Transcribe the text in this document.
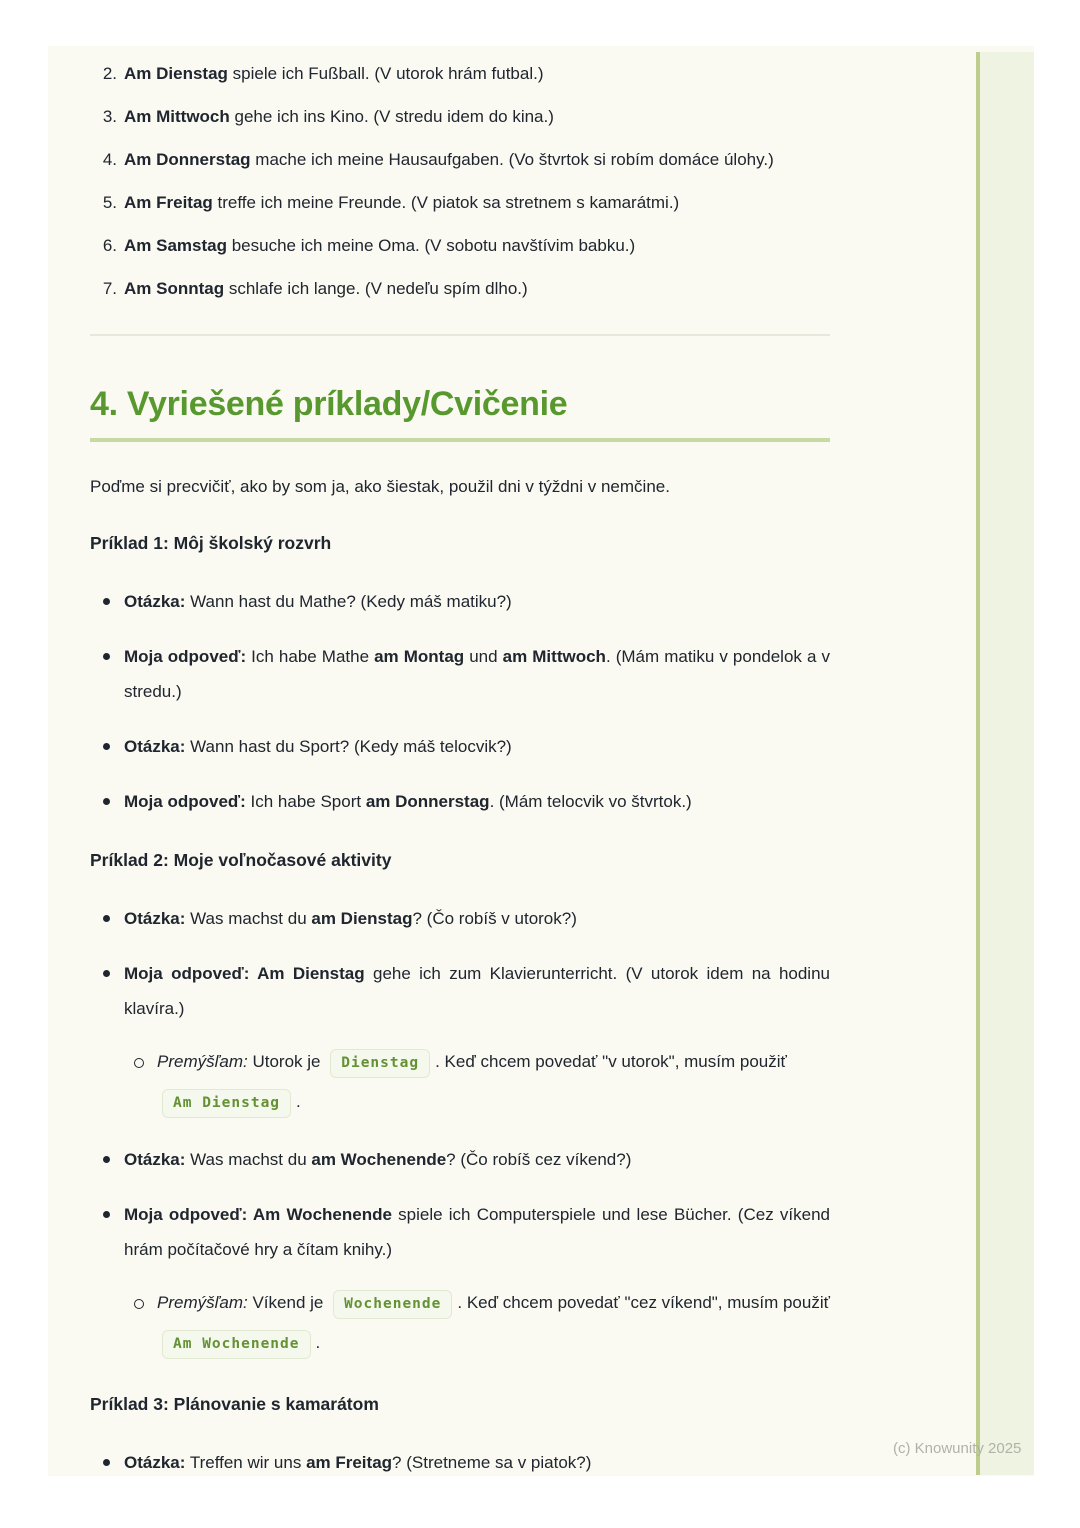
2. Am Dienstag spiele ich Fußball. (V utorok hrám futbal.)
3. Am Mittwoch gehe ich ins Kino. (V stredu idem do kina.)
4. Am Donnerstag mache ich meine Hausaufgaben. (Vo štvrtok si robím domáce úlohy.)
5. Am Freitag treffe ich meine Freunde. (V piatok sa stretnem s kamarátmi.)
6. Am Samstag besuche ich meine Oma. (V sobotu navštívim babku.)
7. Am Sonntag schlafe ich lange. (V nedeľu spím dlho.)
4. Vyriešené príklady/Cvičenie

Poďme si precvičiť, ako by som ja, ako šiestak, použil dni v týždni v nemčine.

Príklad 1: Môj školský rozvrh
Otázka: Wann hast du Mathe? (Kedy máš matiku?)
Moja odpoveď: Ich habe Mathe am Montag und am Mittwoch. (Mám matiku v pondelok a v stredu.)
Otázka: Wann hast du Sport? (Kedy máš telocvik?)
Moja odpoveď: Ich habe Sport am Donnerstag. (Mám telocvik vo štvrtok.)
Príklad 2: Moje voľnočasové aktivity
Otázka: Was machst du am Dienstag? (Čo robíš v utorok?)
Moja odpoveď: Am Dienstag gehe ich zum Klavierunterricht. (V utorok idem na hodinu klavíra.)
Premýšľam: Utorok je Dienstag . Keď chcem povedať "v utorok", musím použiť Am Dienstag .
Otázka: Was machst du am Wochenende? (Čo robíš cez víkend?)
Moja odpoveď: Am Wochenende spiele ich Computerspiele und lese Bücher. (Cez víkend hrám počítačové hry a čítam knihy.)
Premýšľam: Víkend je Wochenende . Keď chcem povedať "cez víkend", musím použiť Am Wochenende .
Príklad 3: Plánovanie s kamarátom
Otázka: Treffen wir uns am Freitag? (Stretneme sa v piatok?)
(c) Knowunity 2025
